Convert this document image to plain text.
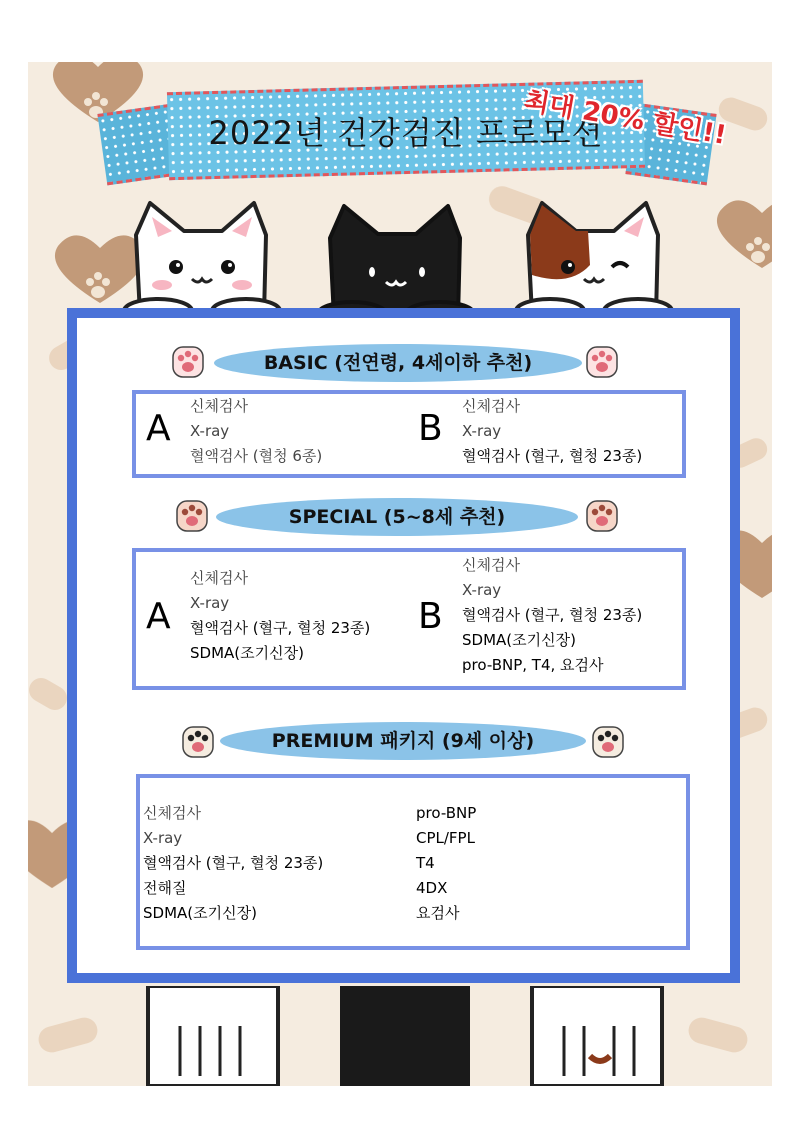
2022년 건강검진 프로모션
최대 20% 할인!!
BASIC (전연령, 4세이하 추천)
A
신체검사
X-ray
혈액검사 (혈청 6종)
B
신체검사
X-ray
혈액검사 (혈구, 혈청 23종)
SPECIAL (5~8세 추천)
A
신체검사
X-ray
혈액검사 (혈구, 혈청 23종)
SDMA(조기신장)
B
신체검사
X-ray
혈액검사 (혈구, 혈청 23종)
SDMA(조기신장)
pro-BNP, T4, 요검사
PREMIUM 패키지 (9세 이상)
신체검사
X-ray
혈액검사 (혈구, 혈청 23종)
전해질
SDMA(조기신장)
pro-BNP
CPL/FPL
T4
4DX
요검사
